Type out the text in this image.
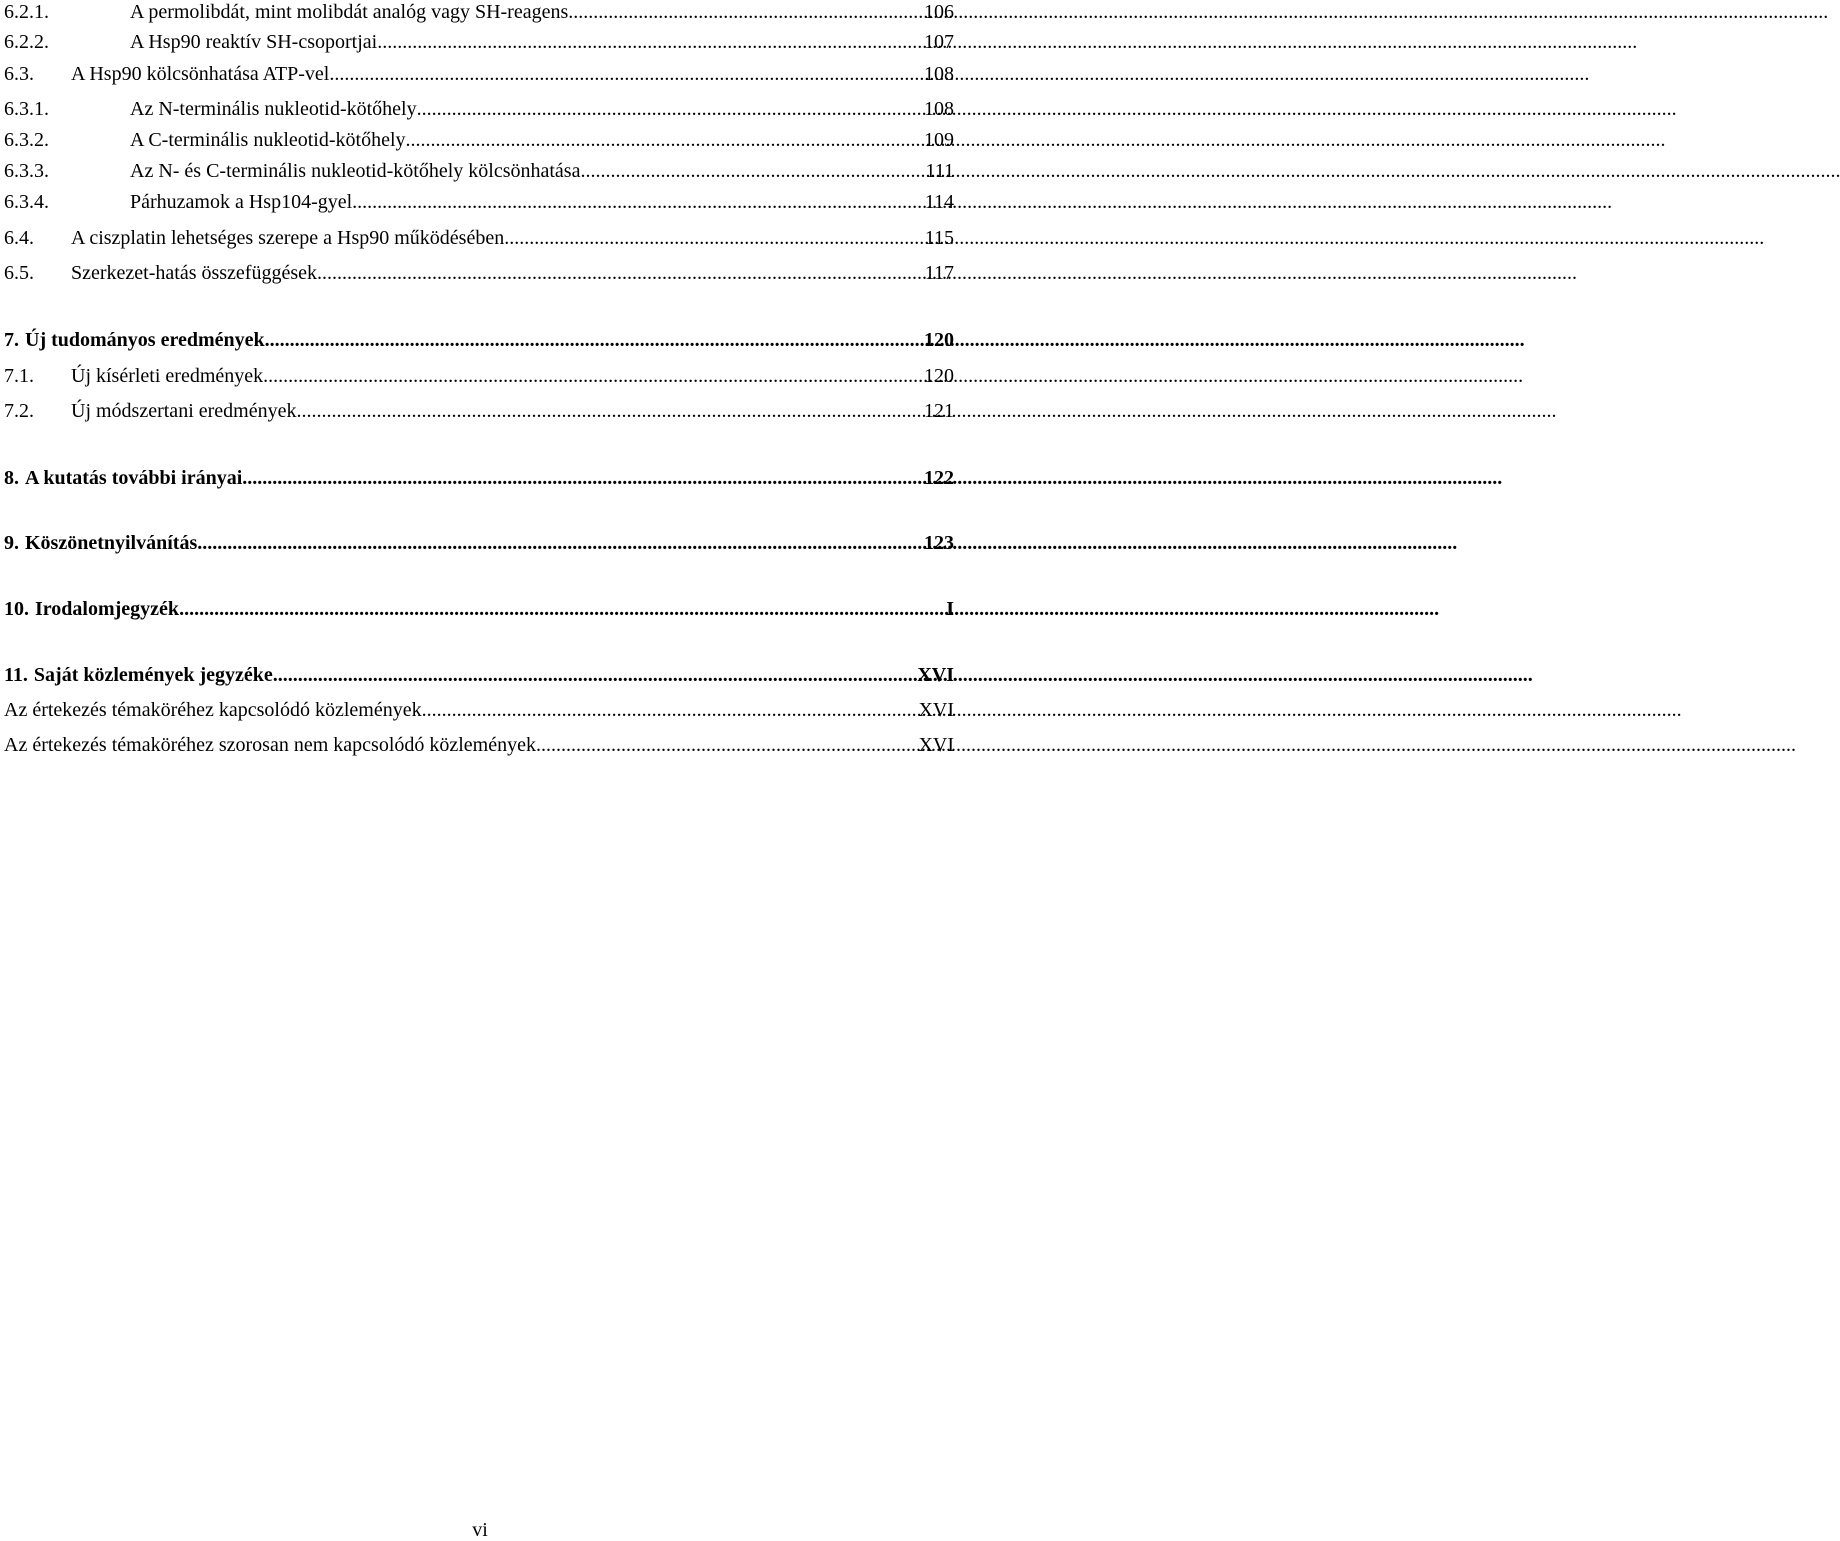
6.2.1.	A permolibdát, mint molibdát analóg vagy SH-reagens .....	106
6.2.2.	A Hsp90 reaktív SH-csoportjai .....	107
6.3.	A Hsp90 kölcsönhatása ATP-vel .....	108
6.3.1.	Az N-terminális nukleotid-kötőhely .....	108
6.3.2.	A C-terminális nukleotid-kötőhely .....	109
6.3.3.	Az N- és C-terminális nukleotid-kötőhely kölcsönhatása .....	111
6.3.4.	Párhuzamok a Hsp104-gyel .....	114
6.4.	A ciszplatin lehetséges szerepe a Hsp90 működésében .....	115
6.5.	Szerkezet-hatás összefüggések .....	117
7. Új tudományos eredmények .....	120
7.1.	Új kísérleti eredmények .....	120
7.2.	Új módszertani eredmények .....	121
8. A kutatás további irányai .....	122
9. Köszönetnyilvánítás .....	123
10. Irodalomjegyzék .....	I
11. Saját közlemények jegyzéke .....	XVI
Az értekezés témaköréhez kapcsolódó közlemények .....	XVI
Az értekezés témaköréhez szorosan nem kapcsolódó közlemények .....	XVI
vi
